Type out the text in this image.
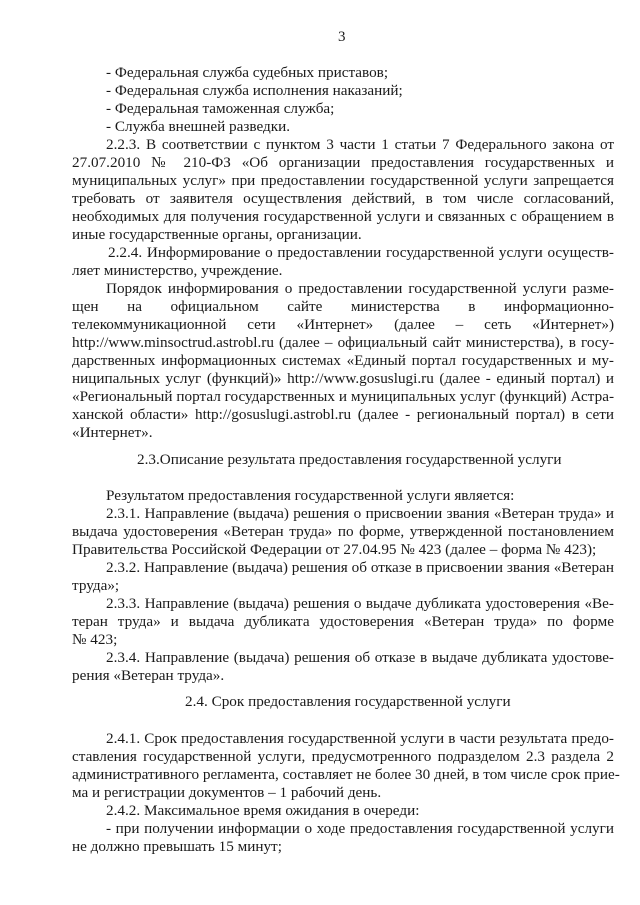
3
- Федеральная служба судебных приставов;
- Федеральная служба исполнения наказаний;
- Федеральная таможенная служба;
- Служба внешней разведки.
2.2.3. В соответствии с пунктом 3 части 1 статьи 7 Федерального закона от
27.07.2010 № 210-ФЗ «Об организации предоставления государственных и
муниципальных услуг» при предоставлении государственной услуги запрещается
требовать от заявителя осуществления действий, в том числе согласований,
необходимых для получения государственной услуги и связанных с обращением в
иные государственные органы, организации.
2.2.4. Информирование о предоставлении государственной услуги осуществ-
ляет министерство, учреждение.
Порядок информирования о предоставлении государственной услуги разме-
щен на официальном сайте министерства в информационно-
телекоммуникационной сети «Интернет» (далее – сеть «Интернет»)
http://www.minsoctrud.astrobl.ru (далее – официальный сайт министерства), в госу-
дарственных информационных системах «Единый портал государственных и му-
ниципальных услуг (функций)» http://www.gosuslugi.ru (далее - единый портал) и
«Региональный портал государственных и муниципальных услуг (функций) Астра-
ханской области» http://gosuslugi.astrobl.ru (далее - региональный портал) в сети
«Интернет».
2.3.Описание результата предоставления государственной услуги
Результатом предоставления государственной услуги является:
2.3.1. Направление (выдача) решения о присвоении звания «Ветеран труда» и
выдача удостоверения «Ветеран труда» по форме, утвержденной постановлением
Правительства Российской Федерации от 27.04.95 № 423 (далее – форма № 423);
2.3.2. Направление (выдача) решения об отказе в присвоении звания «Ветеран
труда»;
2.3.3. Направление (выдача) решения о выдаче дубликата удостоверения «Ве-
теран труда» и выдача дубликата удостоверения «Ветеран труда» по форме
№ 423;
2.3.4. Направление (выдача) решения об отказе в выдаче дубликата удостове-
рения «Ветеран труда».
2.4. Срок предоставления государственной услуги
2.4.1. Срок предоставления государственной услуги в части результата предо-
ставления государственной услуги, предусмотренного подразделом 2.3 раздела 2
административного регламента, составляет не более 30 дней, в том числе срок прие-
ма и регистрации документов – 1 рабочий день.
2.4.2. Максимальное время ожидания в очереди:
- при получении информации о ходе предоставления государственной услуги
не должно превышать 15 минут;
